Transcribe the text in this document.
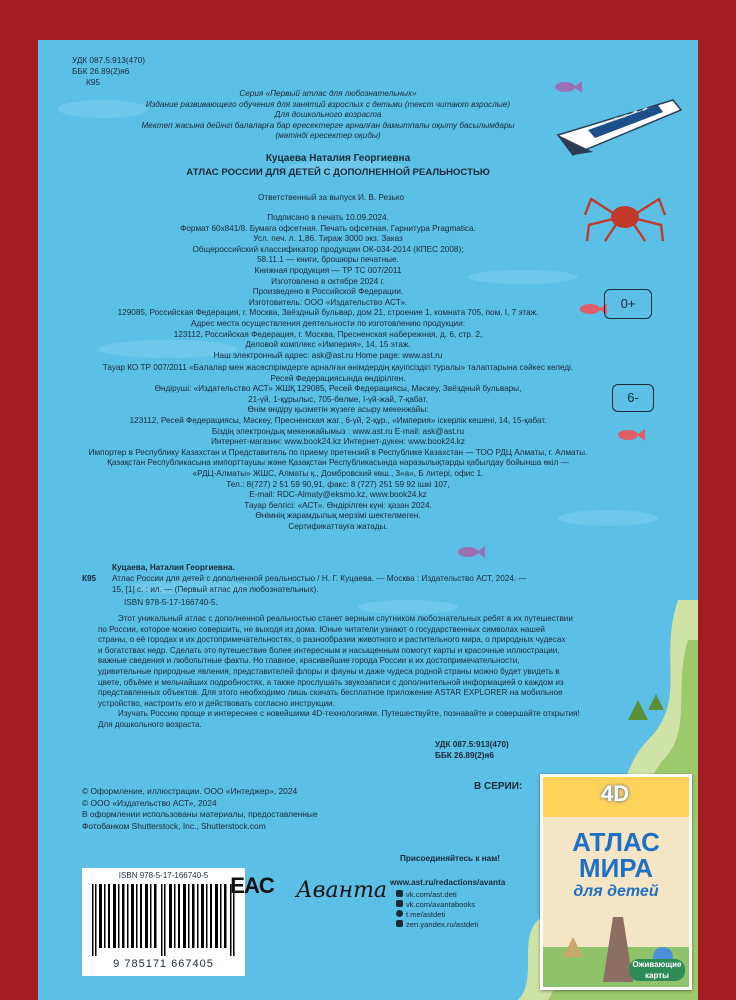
УДК 087.5:913(470)
ББК 26.89(2)я6
К95
Серия «Первый атлас для любознательных»
Издание развивающего обучения для занятий взрослых с детьми (текст читают взрослые)
Для дошкольного возраста
Мектеп жасына дейінгі балаларға бар ересектерге арналған дамытпалы оқыту басылымдары
(мәтінді ересектер оқиды)
Куцаева Наталия Георгиевна
АТЛАС РОССИИ ДЛЯ ДЕТЕЙ С ДОПОЛНЕННОЙ РЕАЛЬНОСТЬЮ
Ответственный за выпуск И. В. Резько
Подписано в печать 10.09.2024.
Формат 60х841/8. Бумага офсетная. Печать офсетная. Гарнитура Pragmatica.
Усл. печ. л. 1,86. Тираж 3000 экз. Заказ
Общероссийский классификатор продукции ОК-034-2014 (КПЕС 2008);
58.11.1 — книги, брошюры печатные.
Книжная продукция — ТР ТС 007/2011
Изготовлено в октябре 2024 г.
Произведено в Российской Федерации.
Изготовитель: ООО «Издательство АСТ».
129085, Российская Федерация, г. Москва, Звёздный бульвар, дом 21, строение 1, комната 705, пом. I, 7 этаж.
Адрес места осуществления деятельности по изготовлению продукции:
123112, Российская Федерация, г. Москва, Пресненская набережная, д. 6, стр. 2,
Деловой комплекс «Империя», 14, 15 этаж.
Наш электронный адрес: ask@ast.ru Home page: www.ast.ru
0+
6-
Тауар КО ТР 007/2011 «Балалар мен жасөспірімдерге арналған өнімдердің қауіпсіздігі туралы» талаптарына сәйкес келеді.
Ресей Федерациясында өндірілген.
Өндіруші: «Издательство АСТ» ЖШҚ 129085, Ресей Федерациясы, Мәскеу, Звёздный бульвары,
21-үй, 1-құрылыс, 705-бөлме, I-үй-жай, 7-қабат.
Өнім өндіру қызметін жүзеге асыру мекенжайы:
123112, Ресей Федерациясы, Мәскеу, Пресненская жаг., 6-үй, 2-құр., «Империя» іскерлік кешені, 14, 15-қабат.
Біздің электрондық мекенжайымыз : www.ast.ru E-mail: ask@ast.ru
Интернет-магазин: www.book24.kz Интернет-дүкен: www.book24.kz
Импортер в Республику Казахстан и Представитель по приему претензий в Республике Казахстан — ТОО РДЦ Алматы, г. Алматы.
Қазақстан Республикасына импорттаушы және Қазақстан Республикасында наразылықтарды қабылдау бойынша өкіл —
«РДЦ-Алматы» ЖШС, Алматы қ., Домбровский көш., 3«а», Б литері, офис 1.
Тел.: 8(727) 2 51 59 90,91, факс: 8 (727) 251 59 92 ішкі 107,
E-mail: RDC-Almaty@eksmo.kz, www.book24.kz
Тауар белгісі: «АСТ». Өндірілген күні: қазан 2024.
Өнімнің жарамдылық мерзімі шектелмеген.
Сертификаттауға жатады.
Куцаева, Наталия Георгиевна.
К95 Атлас России для детей с дополненной реальностью / Н. Г. Куцаева. — Москва : Издательство АСТ, 2024. —
15, [1] с. : ил. — (Первый атлас для любознательных).
ISBN 978-5-17-166740-5.
Этот уникальный атлас с дополненной реальностью станет верным спутником любознательных ребят в их путешествии
по России, которое можно совершить, не выходя из дома. Юные читатели узнают о государственных символах нашей
страны, о её городах и их достопримечательностях, о разнообразии животного и растительного мира, о природных чудесах
и богатствах недр. Сделать это путешествие более интересным и насыщенным помогут карты и красочные иллюстрации,
важные сведения и любопытные факты. Но главное, красивейшие города России и их достопримечательности,
удивительные природные явления, представителей флоры и фауны и даже чудеса родной страны можно будет увидеть в
цвете, объёме и мельчайших подробностях, а также прослушать звукозаписи с дополнительной информацией о каждом из
представленных объектов. Для этого необходимо лишь скачать бесплатное приложение ASTAR EXPLORER на мобильное
устройство, настроить его и действовать согласно инструкции.
Изучать Россию проще и интереснее с новейшими 4D-технологиями. Путешествуйте, познавайте и совершайте открытия!
Для дошкольного возраста.
УДК 087.5:913(470)
ББК 26.89(2)я6
© Оформление, иллюстрации. ООО «Интеджер», 2024
© ООО «Издательство АСТ», 2024
В оформлении использованы материалы, предоставленные
Фотобанком Shutterstock, Inc., Shutterstock.com
В СЕРИИ:	4D
АТЛАС
МИРА
для детей
Оживающие карты
ISBN 978-5-17-166740-5
9 785171 667405
EAC Аванта
Присоединяйтесь к нам!
www.ast.ru/redactions/avanta
vk.com/ast.deti
vk.com/avantabooks
t.me/astdeti
zen.yandex.ru/astdeti
